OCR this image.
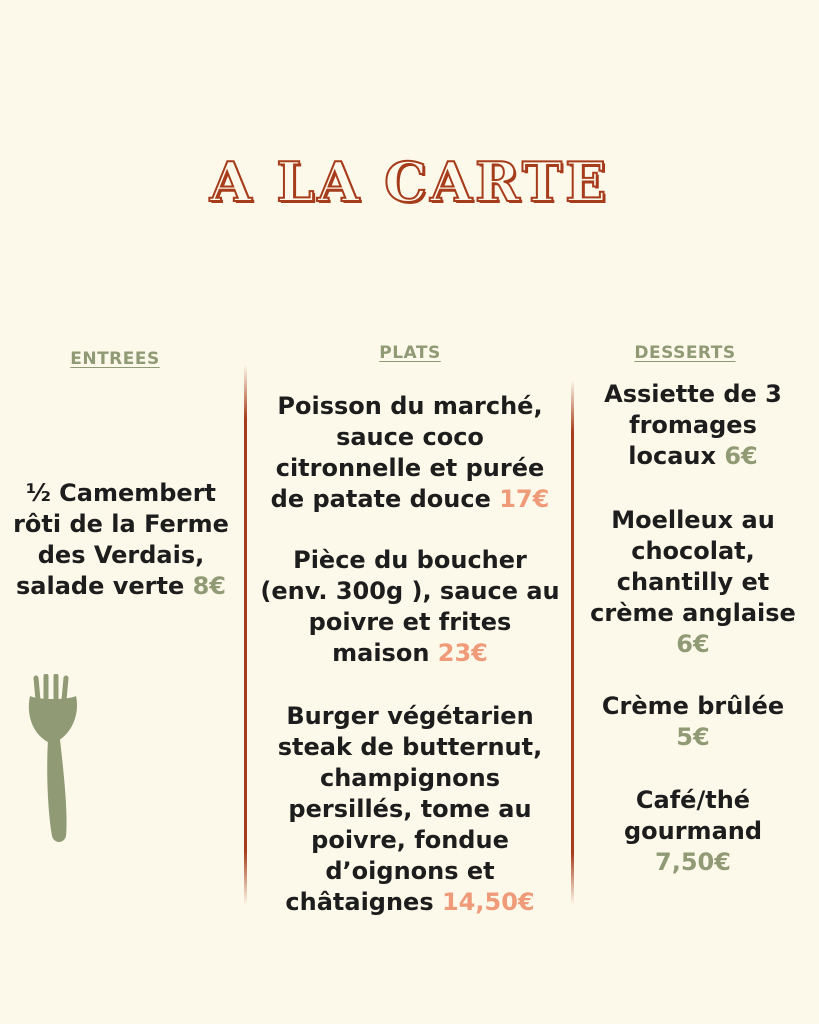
A LA CARTE
ENTREES	PLATS	DESSERTS
½ Camembert rôti de la Ferme des Verdais, salade verte 8€
Poisson du marché, sauce coco citronnelle et purée de patate douce 17€
Pièce du boucher (env. 300g ), sauce au poivre et frites maison 23€
Burger végétarien steak de butternut, champignons persillés, tome au poivre, fondue d’oignons et châtaignes 14,50€
Assiette de 3 fromages locaux 6€
Moelleux au chocolat, chantilly et crème anglaise
6€
Crème brûlée
5€
Café/thé gourmand
7,50€
